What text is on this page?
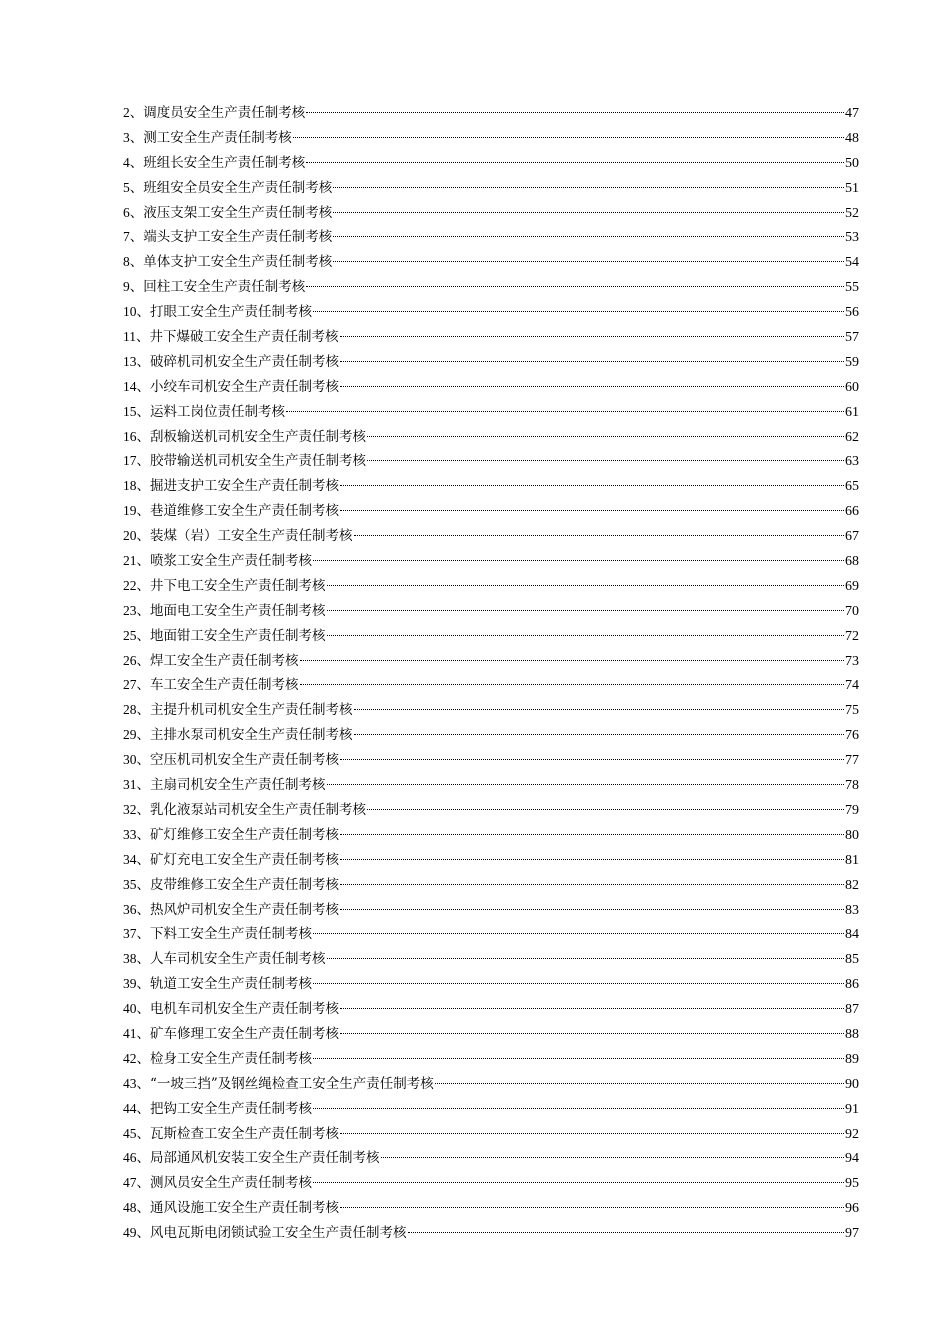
2、调度员安全生产责任制考核	47
3、测工安全生产责任制考核	48
4、班组长安全生产责任制考核	50
5、班组安全员安全生产责任制考核	51
6、液压支架工安全生产责任制考核	52
7、端头支护工安全生产责任制考核	53
8、单体支护工安全生产责任制考核	54
9、回柱工安全生产责任制考核	55
10、打眼工安全生产责任制考核	56
11、井下爆破工安全生产责任制考核	57
13、破碎机司机安全生产责任制考核	59
14、小绞车司机安全生产责任制考核	60
15、运料工岗位责任制考核	61
16、刮板输送机司机安全生产责任制考核	62
17、胶带输送机司机安全生产责任制考核	63
18、掘进支护工安全生产责任制考核	65
19、巷道维修工安全生产责任制考核	66
20、装煤（岩）工安全生产责任制考核	67
21、喷浆工安全生产责任制考核	68
22、井下电工安全生产责任制考核	69
23、地面电工安全生产责任制考核	70
25、地面钳工安全生产责任制考核	72
26、焊工安全生产责任制考核	73
27、车工安全生产责任制考核	74
28、主提升机司机安全生产责任制考核	75
29、主排水泵司机安全生产责任制考核	76
30、空压机司机安全生产责任制考核	77
31、主扇司机安全生产责任制考核	78
32、乳化液泵站司机安全生产责任制考核	79
33、矿灯维修工安全生产责任制考核	80
34、矿灯充电工安全生产责任制考核	81
35、皮带维修工安全生产责任制考核	82
36、热风炉司机安全生产责任制考核	83
37、下料工安全生产责任制考核	84
38、人车司机安全生产责任制考核	85
39、轨道工安全生产责任制考核	86
40、电机车司机安全生产责任制考核	87
41、矿车修理工安全生产责任制考核	88
42、检身工安全生产责任制考核	89
43、“一坡三挡”及钢丝绳检查工安全生产责任制考核	90
44、把钩工安全生产责任制考核	91
45、瓦斯检查工安全生产责任制考核	92
46、局部通风机安装工安全生产责任制考核	94
47、测风员安全生产责任制考核	95
48、通风设施工安全生产责任制考核	96
49、风电瓦斯电闭锁试验工安全生产责任制考核	97
